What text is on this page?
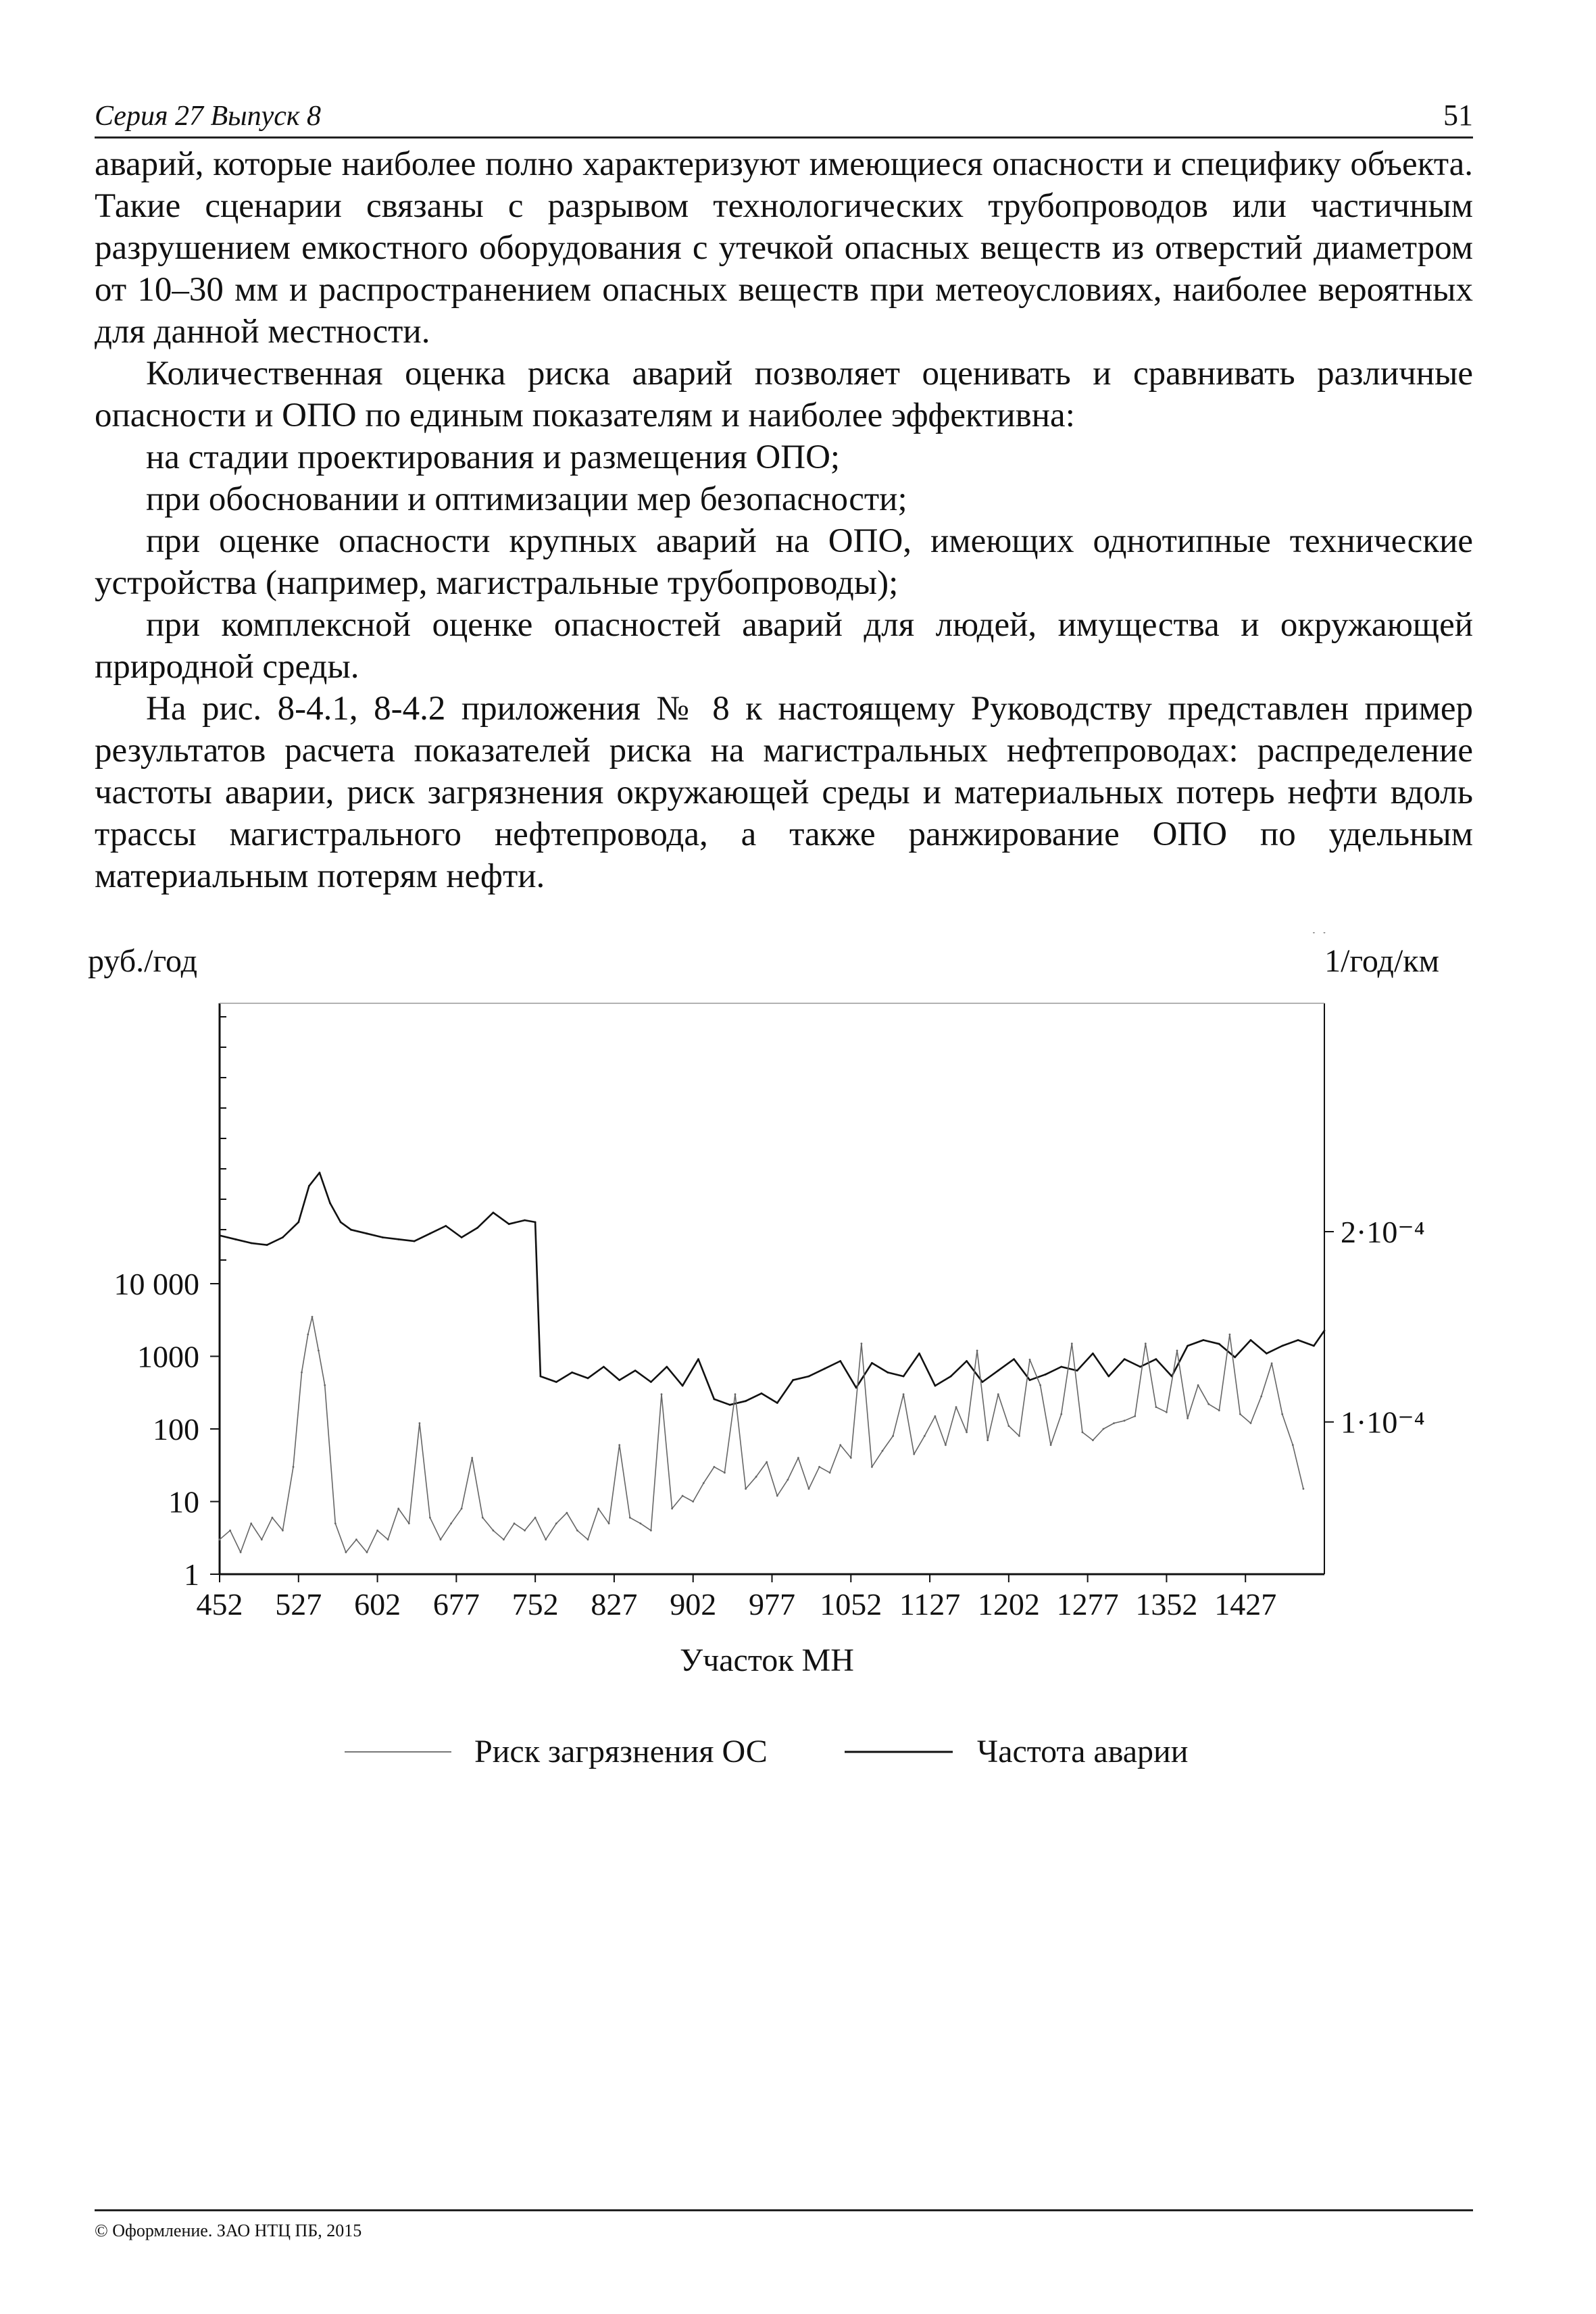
Серия 27 Выпуск 8	51

аварий, которые наиболее полно характеризуют имеющиеся опасности и специфику объекта. Такие сценарии связаны с разрывом технологических трубопроводов или частичным разрушением емкостного оборудования с утечкой опасных веществ из отверстий диаметром от 10–30 мм и распространением опасных веществ при метеоусловиях, наиболее вероятных для данной местности.

Количественная оценка риска аварий позволяет оценивать и сравнивать различные опасности и ОПО по единым показателям и наиболее эффективна:

на стадии проектирования и размещения ОПО;

при обосновании и оптимизации мер безопасности;

при оценке опасности крупных аварий на ОПО, имеющих однотипные технические устройства (например, магистральные трубопроводы);

при комплексной оценке опасностей аварий для людей, имущества и окружающей природной среды.

На рис. 8-4.1, 8-4.2 приложения № 8 к настоящему Руководству представлен пример результатов расчета показателей риска на магистральных нефтепроводах: распределение частоты аварии, риск загрязнения окружающей среды и материальных потерь нефти вдоль трассы магистрального нефтепровода, а также ранжирование ОПО по удельным материальным потерям нефти.

10 000
1000
100
10
1
2·10⁻⁴
1·10⁻⁴
452 527 602 677 752 827 902 977 1052 1127 1202 1277 1352 1427
руб./год	1/год/км
Участок МН
Риск загрязнения ОС	Частота аварии
© Оформление. ЗАО НТЦ ПБ, 2015
